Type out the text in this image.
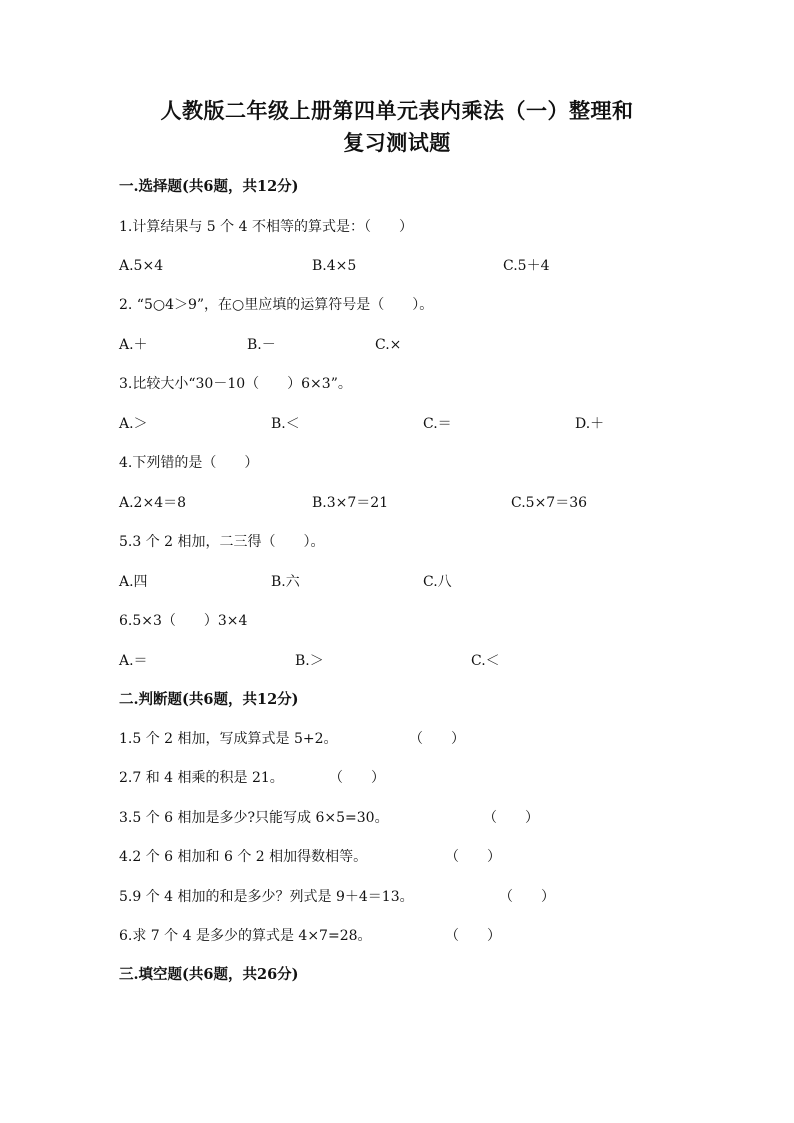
人教版二年级上册第四单元表内乘法（一）整理和
复习测试题
一.选择题(共6题，共12分)
1.计算结果与 5 个 4 不相等的算式是：（　　）
A.5×4	B.4×5	C.5＋4
2. “5○4＞9”，在○里应填的运算符号是（　　）。
A.＋	B.－	C.×
3.比较大小“30－10（　　）6×3”。
A.＞	B.＜	C.＝	D.＋
4.下列错的是（　　）
A.2×4＝8	B.3×7＝21	C.5×7＝36
5.3 个 2 相加，二三得（　　）。
A.四	B.六	C.八
6.5×3（　　）3×4
A.＝	B.＞	C.＜
二.判断题(共6题，共12分)
1.5 个 2 相加，写成算式是 5+2。	（　　）
2.7 和 4 相乘的积是 21。	（　　）
3.5 个 6 相加是多少?只能写成 6×5=30。	（　　）
4.2 个 6 相加和 6 个 2 相加得数相等。	（　　）
5.9 个 4 相加的和是多少？列式是 9＋4＝13。	（　　）
6.求 7 个 4 是多少的算式是 4×7=28。	（　　）
三.填空题(共6题，共26分)
